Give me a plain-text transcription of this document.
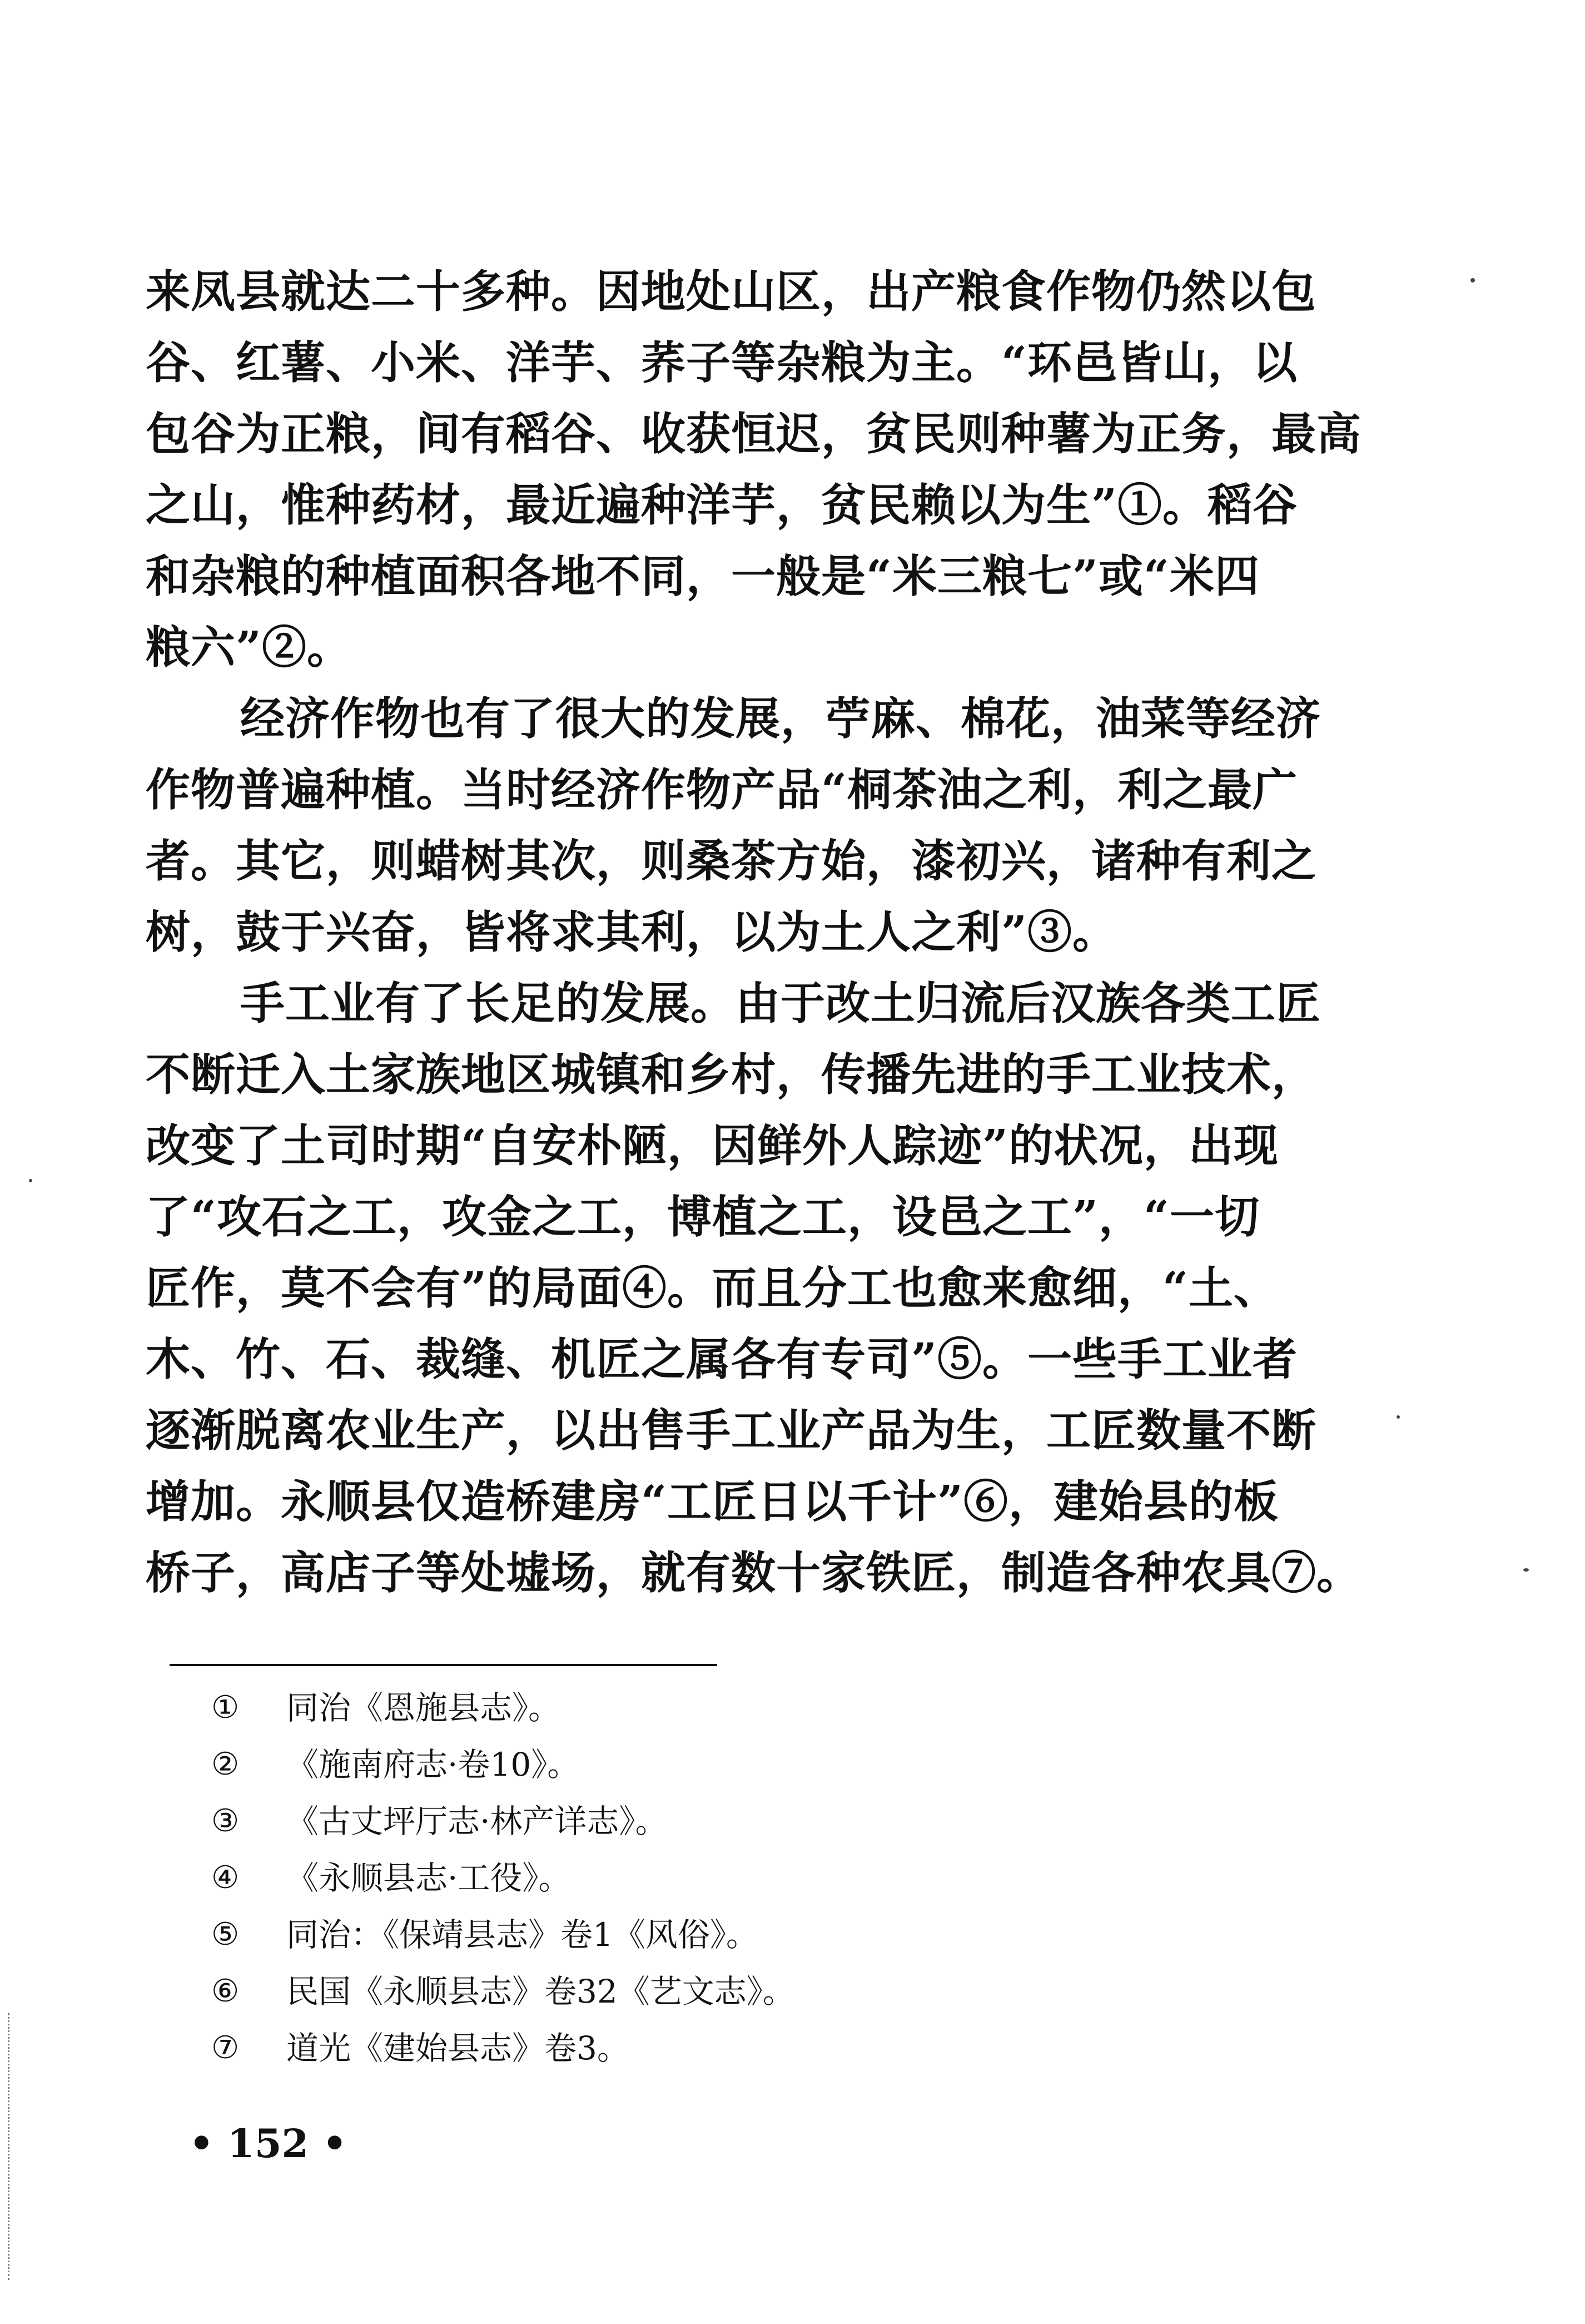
来凤县就达二十多种。因地处山区，出产粮食作物仍然以包
谷、红薯、小米、洋芋、荞子等杂粮为主。“环邑皆山，以
包谷为正粮，间有稻谷、收获恒迟，贫民则种薯为正务，最高
之山，惟种药材，最近遍种洋芋，贫民赖以为生”①。稻谷
和杂粮的种植面积各地不同，一般是“米三粮七”或“米四
粮六”②。
经济作物也有了很大的发展，苧麻、棉花，油菜等经济
作物普遍种植。当时经济作物产品“桐茶油之利，利之最广
者。其它，则蜡树其次，则桑茶方始，漆初兴，诸种有利之
树，鼓于兴奋，皆将求其利，以为土人之利”③。
手工业有了长足的发展。由于改土归流后汉族各类工匠
不断迁入土家族地区城镇和乡村，传播先进的手工业技术，
改变了土司时期“自安朴陋，因鲜外人踪迹”的状况，出现
了“攻石之工，攻金之工，博植之工，设邑之工”，“一切
匠作，莫不会有”的局面④。而且分工也愈来愈细，“土、
木、竹、石、裁缝、机匠之属各有专司”⑤。一些手工业者
逐渐脱离农业生产，以出售手工业产品为生，工匠数量不断
增加。永顺县仅造桥建房“工匠日以千计”⑥，建始县的板
桥子，高店子等处墟场，就有数十家铁匠，制造各种农具⑦。
①	同治《恩施县志》。
②	《施南府志·卷10》。
③	《古丈坪厅志·林产详志》。
④	《永顺县志·工役》。
⑤	同治：《保靖县志》卷1《风俗》。
⑥	民国《永顺县志》卷32《艺文志》。
⑦	道光《建始县志》卷3。
• 152 •
